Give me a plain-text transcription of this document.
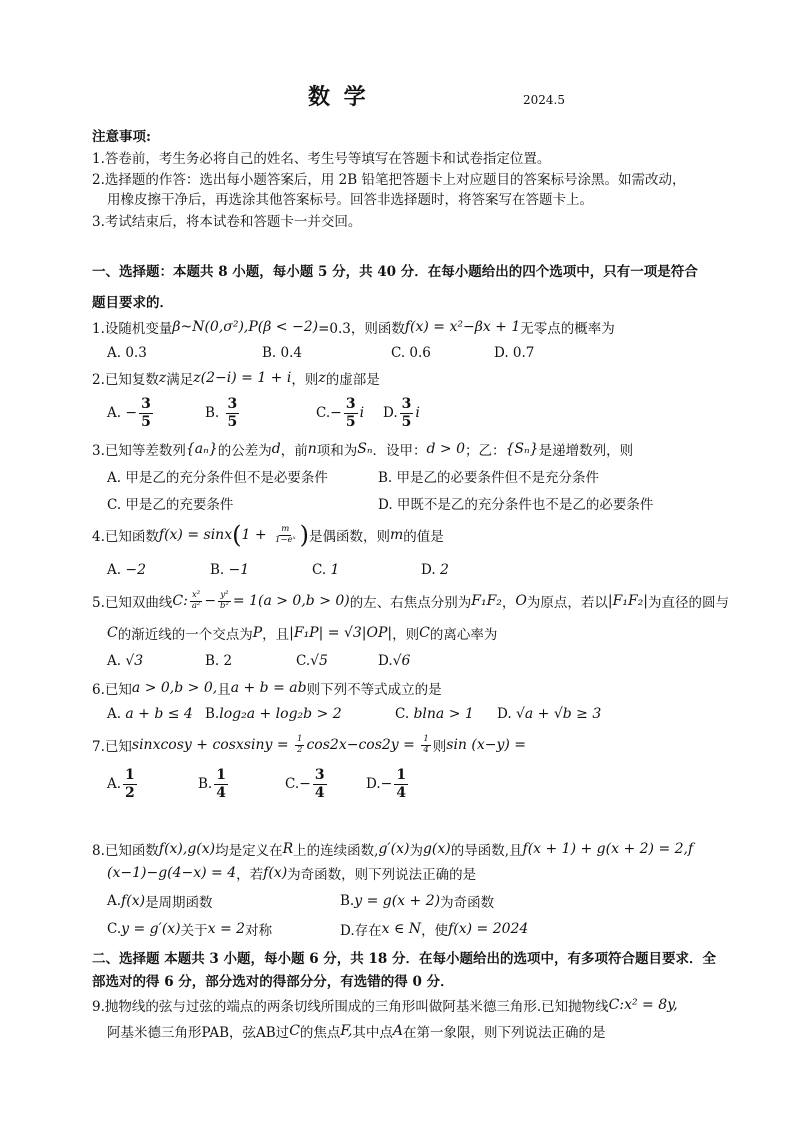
数 学	2024.5
注意事项:
1.答卷前，考生务必将自己的姓名、考生号等填写在答题卡和试卷指定位置。
2.选择题的作答：选出每小题答案后，用 2B 铅笔把答题卡上对应题目的答案标号涂黑。如需改动，
用橡皮擦干净后，再选涂其他答案标号。回答非选择题时，将答案写在答题卡上。
3.考试结束后，将本试卷和答题卡一并交回。
一、选择题：本题共 8 小题，每小题 5 分，共 40 分．在每小题给出的四个选项中，只有一项是符合
题目要求的．
1.设随机变量 β~N(0,σ²),P(β < −2) =0.3，则函数 f(x) = x²−βx + 1 无零点的概率为
A. 0.3	B. 0.4	C. 0.6	D. 0.7
2.已知复数 z 满足 z(2−i) = 1 + i ，则 z 的虚部是
A. − $\frac{3}{5}$	B. $\frac{3}{5}$	C. − $\frac{3}{5}$ i D. $\frac{3}{5}$ i
3.已知等差数列 {aₙ} 的公差为 d ，前 n 项和为 Sₙ ．设甲： d > 0 ；乙： {Sₙ} 是递增数列，则
A. 甲是乙的充分条件但不是必要条件	B. 甲是乙的必要条件但不是充分条件
C. 甲是乙的充要条件	D. 甲既不是乙的充分条件也不是乙的必要条件
4.已知函数 f(x) = sinx ( $1 + \frac{m}{\text{1−eˣ}}$ ) 是偶函数，则 m 的值是
A. −2	B. −1	C. 1	D. 2
5.已知双曲线 C: $\frac{\text{x²}}{\text{a²}} - \frac{\text{y²}}{\text{b²}} = 1(a > 0,b > 0)$ 的左、右焦点分别为 F₁F₂ ， O 为原点，若以 |F₁F₂| 为直径的圆与
C 的渐近线的一个交点为 P ，且 |F₁P| = √3|OP| ，则 C 的离心率为
A. √3	B. 2	C. √5	D. √6
6.已知 a > 0,b > 0, 且 a + b = ab 则下列不等式成立的是
A. a + b ≤ 4 B. log₂a + log₂b > 2	C. blna > 1 D. √a + √b ≥ 3
7.已知 sinxcosy + cosxsiny = $\frac{1}{2} \cos 2x-\cos 2y = \frac{1}{4}$ 则 sin (x−y) =
A. $\frac{1}{2}$	B. $\frac{1}{4}$	C. − $\frac{3}{4}$	D. − $\frac{1}{4}$
8.已知函数 f(x),g(x) 均是定义在 R 上的连续函数, g′(x) 为 g(x) 的导函数,且 f(x + 1) + g(x + 2) = 2,f
(x−1)−g(4−x) = 4 ，若 f(x) 为奇函数，则下列说法正确的是
A. f(x) 是周期函数	B. y = g(x + 2) 为奇函数
C. y = g′(x) 关于 x = 2 对称	D.存在 x ∈ N ，使 f(x) = 2024
二、选择题 本题共 3 小题，每小题 6 分，共 18 分．在每小题给出的选项中，有多项符合题目要求．全
部选对的得 6 分，部分选对的得部分分，有选错的得 0 分．
9.抛物线的弦与过弦的端点的两条切线所围成的三角形叫做阿基米德三角形.已知抛物线 C:x² = 8y,
阿基米德三角形PAB，弦AB过 C 的焦点 F, 其中点 A 在第一象限，则下列说法正确的是
